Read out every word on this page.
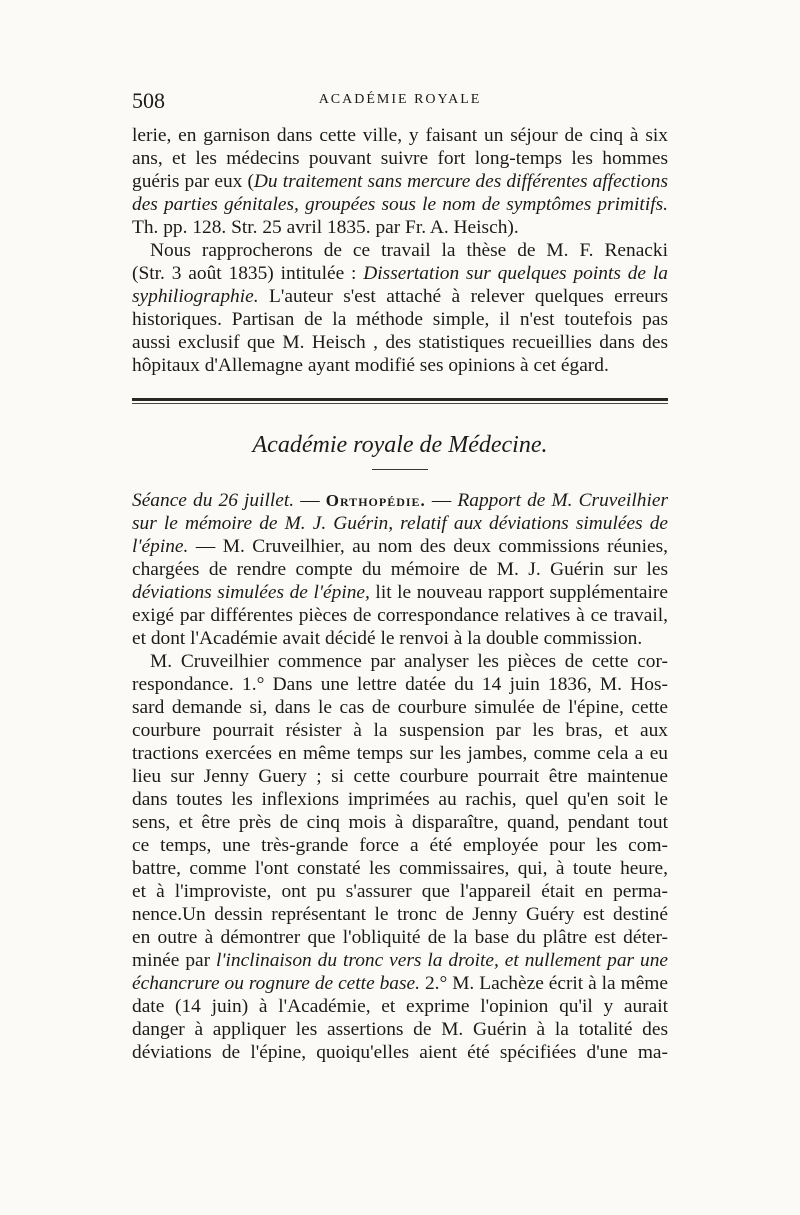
508	ACADÉMIE ROYALE
lerie, en garnison dans cette ville, y faisant un séjour de cinq à six
ans, et les médecins pouvant suivre fort long-temps les hommes
guéris par eux (Du traitement sans mercure des différentes affections
des parties génitales, groupées sous le nom de symptômes primitifs.
Th. pp. 128. Str. 25 avril 1835. par Fr. A. Heisch).
Nous rapprocherons de ce travail la thèse de M. F. Renacki
(Str. 3 août 1835) intitulée : Dissertation sur quelques points de la
syphiliographie. L'auteur s'est attaché à relever quelques erreurs
historiques. Partisan de la méthode simple, il n'est toutefois pas
aussi exclusif que M. Heisch , des statistiques recueillies dans des
hôpitaux d'Allemagne ayant modifié ses opinions à cet égard.
Académie royale de Médecine.
Séance du 26 juillet. — Orthopédie. — Rapport de M. Cruveilhier
sur le mémoire de M. J. Guérin, relatif aux déviations simulées de
l'épine. — M. Cruveilhier, au nom des deux commissions réunies,
chargées de rendre compte du mémoire de M. J. Guérin sur les
déviations simulées de l'épine, lit le nouveau rapport supplémentaire
exigé par différentes pièces de correspondance relatives à ce travail,
et dont l'Académie avait décidé le renvoi à la double commission.
M. Cruveilhier commence par analyser les pièces de cette cor-
respondance. 1.° Dans une lettre datée du 14 juin 1836, M. Hos-
sard demande si, dans le cas de courbure simulée de l'épine, cette
courbure pourrait résister à la suspension par les bras, et aux
tractions exercées en même temps sur les jambes, comme cela a eu
lieu sur Jenny Guery ; si cette courbure pourrait être maintenue
dans toutes les inflexions imprimées au rachis, quel qu'en soit le
sens, et être près de cinq mois à disparaître, quand, pendant tout
ce temps, une très-grande force a été employée pour les com-
battre, comme l'ont constaté les commissaires, qui, à toute heure,
et à l'improviste, ont pu s'assurer que l'appareil était en perma-
nence.Un dessin représentant le tronc de Jenny Guéry est destiné
en outre à démontrer que l'obliquité de la base du plâtre est déter-
minée par l'inclinaison du tronc vers la droite, et nullement par une
échancrure ou rognure de cette base. 2.° M. Lachèze écrit à la même
date (14 juin) à l'Académie, et exprime l'opinion qu'il y aurait
danger à appliquer les assertions de M. Guérin à la totalité des
déviations de l'épine, quoiqu'elles aient été spécifiées d'une ma-
